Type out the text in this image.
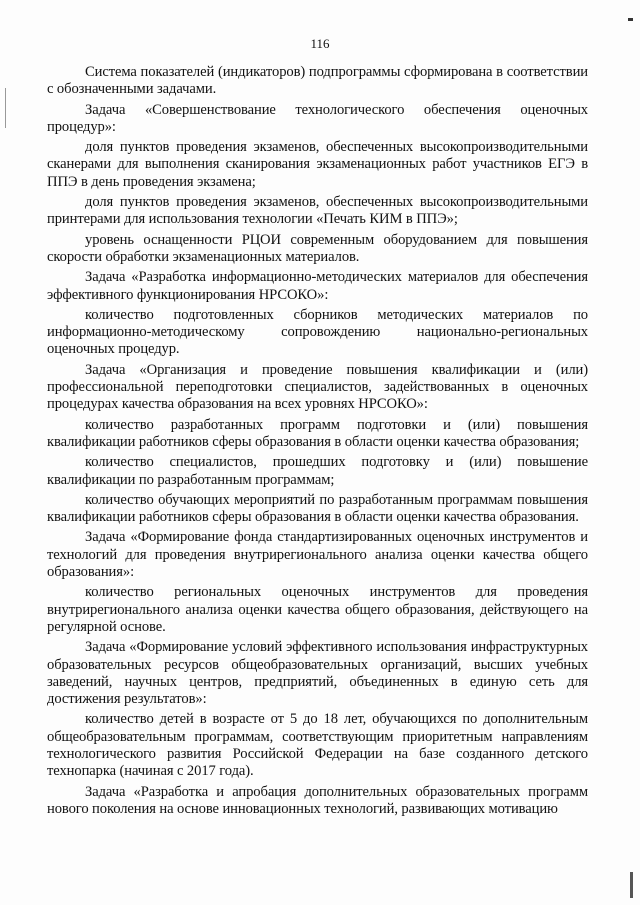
116

Система показателей (индикаторов) подпрограммы сформирована в соответствии с обозначенными задачами.

Задача «Совершенствование технологического обеспечения оценочных процедур»:

доля пунктов проведения экзаменов, обеспеченных высокопроизводительными сканерами для выполнения сканирования экзаменационных работ участников ЕГЭ в ППЭ в день проведения экзамена;

доля пунктов проведения экзаменов, обеспеченных высокопроизводительными принтерами для использования технологии «Печать КИМ в ППЭ»;

уровень оснащенности РЦОИ современным оборудованием для повышения скорости обработки экзаменационных материалов.

Задача «Разработка информационно-методических материалов для обеспечения эффективного функционирования НРСОКО»:

количество подготовленных сборников методических материалов по информационно-методическому сопровождению национально-региональных оценочных процедур.

Задача «Организация и проведение повышения квалификации и (или) профессиональной переподготовки специалистов, задействованных в оценочных процедурах качества образования на всех уровнях НРСОКО»:

количество разработанных программ подготовки и (или) повышения квалификации работников сферы образования в области оценки качества образования;

количество специалистов, прошедших подготовку и (или) повышение квалификации по разработанным программам;

количество обучающих мероприятий по разработанным программам повышения квалификации работников сферы образования в области оценки качества образования.

Задача «Формирование фонда стандартизированных оценочных инструментов и технологий для проведения внутрирегионального анализа оценки качества общего образования»:

количество региональных оценочных инструментов для проведения внутрирегионального анализа оценки качества общего образования, действующего на регулярной основе.

Задача «Формирование условий эффективного использования инфраструктурных образовательных ресурсов общеобразовательных организаций, высших учебных заведений, научных центров, предприятий, объединенных в единую сеть для достижения результатов»:

количество детей в возрасте от 5 до 18 лет, обучающихся по дополнительным общеобразовательным программам, соответствующим приоритетным направлениям технологического развития Российской Федерации на базе созданного детского технопарка (начиная с 2017 года).

Задача «Разработка и апробация дополнительных образовательных программ нового поколения на основе инновационных технологий, развивающих мотивацию
